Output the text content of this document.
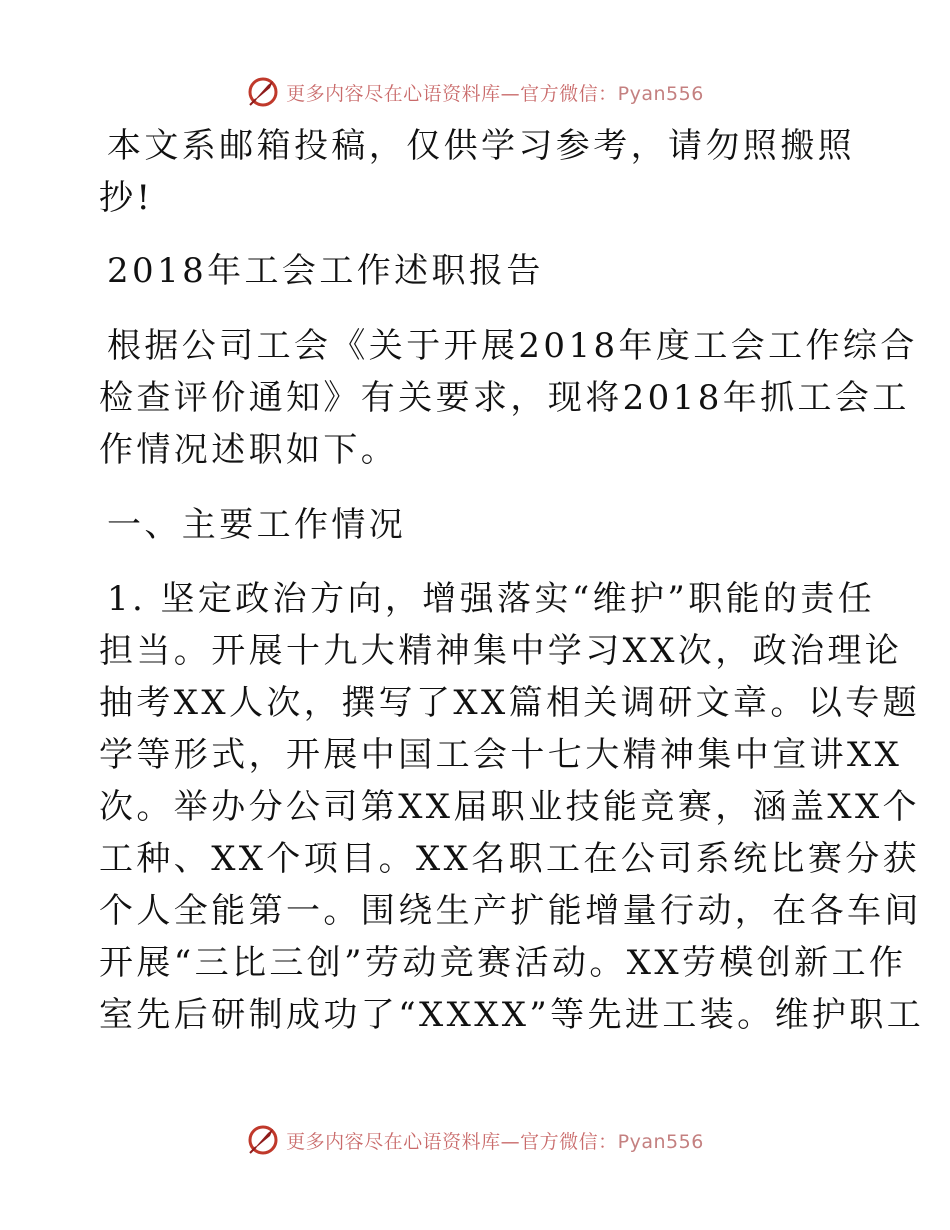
更多内容尽在心语资料库—官方微信：Pyan556

本文系邮箱投稿，仅供学习参考，请勿照搬照
抄!

2018年工会工作述职报告

根据公司工会《关于开展2018年度工会工作综合
检查评价通知》有关要求，现将2018年抓工会工
作情况述职如下。

一、主要工作情况

1. 坚定政治方向，增强落实“维护”职能的责任
担当。开展十九大精神集中学习XX次，政治理论
抽考XX人次，撰写了XX篇相关调研文章。以专题
学等形式，开展中国工会十七大精神集中宣讲XX
次。举办分公司第XX届职业技能竞赛，涵盖XX个
工种、XX个项目。XX名职工在公司系统比赛分获
个人全能第一。围绕生产扩能增量行动，在各车间
开展“三比三创”劳动竞赛活动。XX劳模创新工作
室先后研制成功了“XXXX”等先进工装。维护职工

更多内容尽在心语资料库—官方微信：Pyan556
